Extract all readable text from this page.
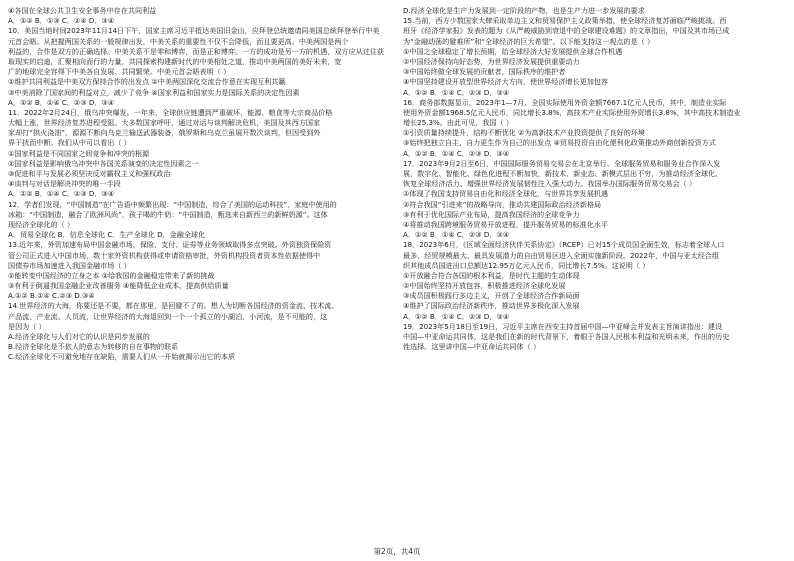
④各国在全球公共卫生安全事务中存在共同利益
A．①② B．①③ C．②④ D．③④
10．美国当地时间2023年11月14日下午，国家主席习近平抵达美国旧金山，应拜登总统邀请同美国总统拜登举行中美
元首会晤。从把握两国关系的一般规律出发，中美关系的重要性不仅不会降低，而且要更高。中美两国是两个
利益的，合作是双方的正确选择。中美关系不是零和博弈，而是正和博弈。一方的成功是另一方的机遇，双方应从过往获
取现实的启迪，汇聚相向而行的力量，共同探索构建新时代的中美相处之道，推动中美两国的美好未来，宽
广的地球完全容得下中美各自发展、共同繁荣。中美元首会晤表明（ ）
①维护共同利益是中美双方保持合作的出发点 ②中美两国深化交流合作意在实现互利共赢
③中美消除了国家间的利益对立，减少了竞争 ④国家利益和国家实力是国际关系的决定性因素
A．①② B．①④ C．②③ D．③④
11．2022年2月24日，俄乌冲突爆发。一年来，全球供应链遭到严重破坏，能源、粮食等大宗商品价格
大幅上涨，世界经济复苏进程受阻。大多数国家呼吁，通过对话与谈判解决危机，美国及其西方国家
家却打“拱火浇油”，源源不断向乌克兰输送武器装备，俄罗斯和乌克兰虽展开数次谈判，但因受到外
界干扰而中断。我们从中可以看出（ ）
①国家利益是不同国家之间竞争和冲突的根源
②国家利益是影响俄乌冲突中各国关系演变的决定性因素之一
③促进和平与发展必须坚决反对霸权主义和强权政治
④谈判与对话是解决冲突的唯一手段
A．①② B．①④ C．②③ D．③④
12．学者们发现，“中国制造”在广告语中频繁出现：“中国制造，综合了美国的运动科技”，家庭中使用的
冰箱：“中国制造，融合了欧洲风尚”，孩子喝的牛奶：“中国制造，甄选来自新西兰的新鲜奶源”。这体
现经济全球化的（ ）
A．贸易全球化 B．信息全球化 C．生产全球化 D．金融全球化
13.近年来，外资加速布局中国金融市场，保险、支付、证券等业务领域取得多点突破。外资独资保险资
管公司正式进入中国市场，数十家外资机构获得或申请资格审批，外资机构投资者资本性依据使得中
国债券市场加速进入我国金融市场（ ）
①能转变中国经济的立身之本 ②给我国的金融稳定带来了新的挑战
③有利于倒逼我国金融企业改善服务 ④能降低企业成本、提高供给质量
A.①② B.①④ C.②③ D.③④
14.世界经济的大海，你要还是不要，都在那里，是回避不了的。想人为切断各国经济的资金流、技术流、
产品流、产业流、人员流，让世界经济的大海退回到一个一个孤立的小湖泊、小河流，是不可能的，这
是因为（ ）
A.经济全球化与人们对它的认识是同步发展的
B.经济全球化是不依人的意志为转移的自在事物的联系
C.经济全球化不可避免地存在缺陷，需要人们从一开始就揭示出它的本质
D.经济全球化是生产力发展到一定阶段的产物，也是生产力进一步发展的要求
15.当前，西方少数国家大肆采取单边主义和贸易保护主义政策举措，使全球经济复苏面临严峻挑战。西
班牙《经济学家报》发表的题为《从严峻威胁到衰退中的全球建设难题》的文章指出，中国及其市场已成
为“金融动荡的避难所”和“全球经济的巨大希望”。以下能支持这一观点的是（ ）
①中国之全球稳定了增长预期，给全球经济大好发展提供全球合作机遇
②中国经济保持向好态势，为世界经济发展提供重要动力
③中国始终做全球发展的贡献者，国际秩序的维护者
④中国坚持建设开放型世界经济大方向，使世界经济增长更加包容
A．①② B．①④ C．②③ D．③④
16．商务部数据显示，2023年1—7月，全国实际使用外资金额7667.1亿元人民币，其中，制造业实际
使用外资金额1968.5亿元人民币，同比增长3.8%，高技术产业实际使用外资增长3.8%，其中高技术制造业
增长25.3%。由此可见，我国（ ）
①引资质量持续提升，结构不断优化 ②为高新技术产业投资提供了良好的环境
③始终把独立自主、自力更生作为自己的出发点 ④贸易投资自由化便利化政策推动外商创新投资方式
A．①② B．①④ C．②③ D．③④
17．2023年9月2日至6日，中国国际服务贸易交易会在北京举行。全球服务贸易和服务业合作深入发
展，数字化、智能化、绿色化进程不断加快，新技术、新业态、新模式层出不穷，为推动经济全球化、
恢复全球经济活力、增强世界经济发展韧性注入强大动力。我国举办国际服务贸易交易会（ ）
①体现了我国支持贸易自由化和经济全球化，与世界共享发展机遇
②符合我国“引进来”的战略导向，推动共建国际政治经济新格局
③有利于优化国际产业布局，提高我国经济的全球竞争力
④将推动我国跨境服务贸易开放进程，提升服务贸易的标准化水平
A．①② B．①④ C．②③ D．③④
18．2023年6月，《区域全面经济伙伴关系协定》（RCEP）已对15个成员国全面生效，标志着全球人口
最多、经贸规模最大、最具发展潜力的自由贸易区进入全面实施新阶段。2022年，中国与亚太经合组
织其他成员国进出口总额达12.95万亿元人民币，同比增长7.5%。这说明（ ）
①开放融合符合各国的根本利益，是时代主题的生动体现
②中国始终坚持开放包容，积极推进经济全球化发展
③成员国积极践行多边主义，开创了全球经济合作新局面
④维护了国际政治经济新秩序，推动世界多极化深入发展
A．①② B．①④ C．②③ D．③④
19．2023年5月18日至19日，习近平主席在西安主持首届中国—中亚峰会并发表主旨演讲指出：建设
中国—中亚命运共同体，这是我们在新的时代背景下，着眼于各国人民根本利益和光明未来，作出的历史
性选择。这里讲中国—中亚命运共同体（ ）
第2页，共4页
